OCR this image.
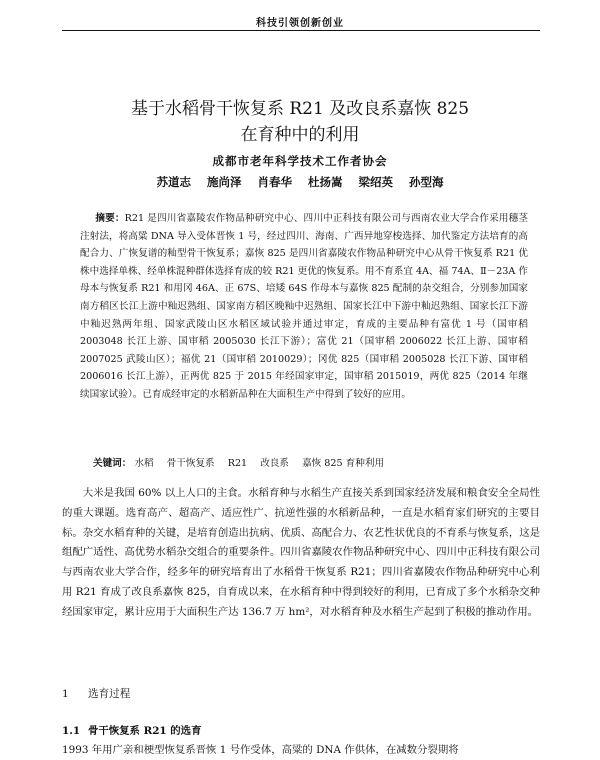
科技引领创新创业
基于水稻骨干恢复系 R21 及改良系嘉恢 825
在育种中的利用
成都市老年科学技术工作者协会
苏道志 施尚泽 肖春华 杜扬嵩 梁绍英 孙型海
摘要：R21 是四川省嘉陵农作物品种研究中心、四川中正科技有限公司与西南农业大学合作采用穗茎注射法，将高粱 DNA 导入受体晋恢 1 号，经过四川、海南、广西异地穿梭选择、加代鉴定方法培育的高配合力、广恢复谱的籼型骨干恢复系；嘉恢 825 是四川省嘉陵农作物品种研究中心从骨干恢复系 R21 优株中选择单株、经单株混种群体选择育成的较 R21 更优的恢复系。用不育系宜 4A、福 74A、Ⅱ－23A 作母本与恢复系 R21 和用冈 46A、正 67S、培矮 64S 作母本与嘉恢 825 配制的杂交组合，分别参加国家南方稻区长江上游中籼迟熟组、国家南方稻区晚籼中迟熟组、国家长江中下游中籼迟熟组、国家长江下游中籼迟熟两年组、国家武陵山区水稻区域试验并通过审定，育成的主要品种有富优 1 号（国审稻 2003048 长江上游、国审稻 2005030 长江下游）；富优 21（国审稻 2006022 长江上游、国审稻 2007025 武陵山区）；福优 21（国审稻 2010029）；冈优 825（国审稻 2005028 长江下游、国审稻 2006016 长江上游），正两优 825 于 2015 年经国家审定，国审稻 2015019，两优 825（2014 年继续国家试验）。已育成经审定的水稻新品种在大面积生产中得到了较好的应用。
关键词： 水稻 骨干恢复系 R21 改良系 嘉恢 825 育种利用
大米是我国 60% 以上人口的主食。水稻育种与水稻生产直接关系到国家经济发展和粮食安全全局性的重大课题。选育高产、超高产、适应性广、抗逆性强的水稻新品种，一直是水稻育家们研究的主要目标。杂交水稻育种的关键，是培育创造出抗病、优质、高配合力、农艺性状优良的不育系与恢复系，这是组配广适性、高优势水稻杂交组合的重要条件。四川省嘉陵农作物品种研究中心、四川中正科技有限公司与西南农业大学合作，经多年的研究培育出了水稻骨干恢复系 R21；四川省嘉陵农作物品种研究中心利用 R21 育成了改良系嘉恢 825，自育成以来，在水稻育种中得到较好的利用，已育成了多个水稻杂交种经国家审定，累计应用于大面积生产达 136.7 万 hm²，对水稻育种及水稻生产起到了积极的推动作用。
1 选育过程
1.1 骨干恢复系 R21 的选育
1993 年用广亲和梗型恢复系晋恢 1 号作受体，高粱的 DNA 作供体，在减数分裂期将
